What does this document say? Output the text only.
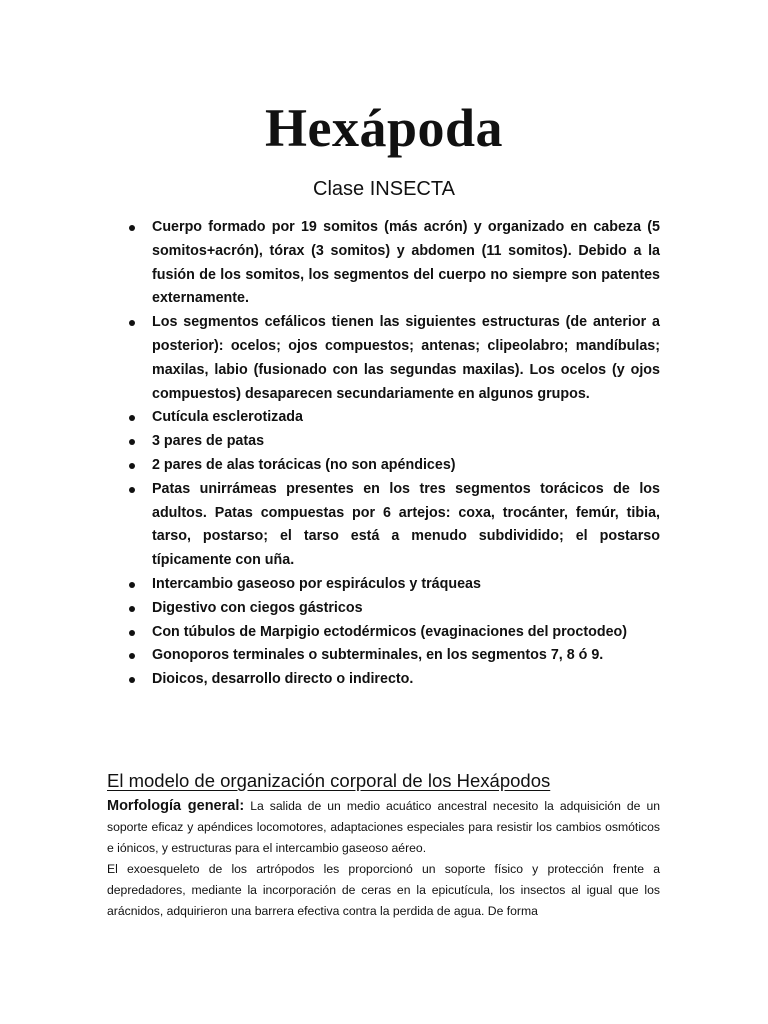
Hexápoda
Clase INSECTA
Cuerpo formado por 19 somitos (más acrón) y organizado en cabeza (5 somitos+acrón), tórax (3 somitos) y abdomen (11 somitos). Debido a la fusión de los somitos, los segmentos del cuerpo no siempre son patentes externamente.
Los segmentos cefálicos tienen las siguientes estructuras (de anterior a posterior): ocelos; ojos compuestos; antenas; clipeolabro; mandíbulas; maxilas, labio (fusionado con las segundas maxilas). Los ocelos (y ojos compuestos) desaparecen secundariamente en algunos grupos.
Cutícula esclerotizada
3 pares de patas
2 pares de alas torácicas (no son apéndices)
Patas unirrámeas presentes en los tres segmentos torácicos de los adultos. Patas compuestas por 6 artejos: coxa, trocánter, femúr, tibia, tarso, postarso; el tarso está a menudo subdividido; el postarso típicamente con uña.
Intercambio gaseoso por espiráculos y tráqueas
Digestivo con ciegos gástricos
Con túbulos de Marpigio ectodérmicos (evaginaciones del proctodeo)
Gonoporos terminales o subterminales, en los segmentos 7, 8 ó 9.
Dioicos, desarrollo directo o indirecto.
El modelo de organización corporal de los Hexápodos

Morfología general: La salida de un medio acuático ancestral necesito la adquisición de un soporte eficaz y apéndices locomotores, adaptaciones especiales para resistir los cambios osmóticos e iónicos, y estructuras para el intercambio gaseoso aéreo.

El exoesqueleto de los artrópodos les proporcionó un soporte físico y protección frente a depredadores, mediante la incorporación de ceras en la epicutícula, los insectos al igual que los arácnidos, adquirieron una barrera efectiva contra la perdida de agua. De forma
